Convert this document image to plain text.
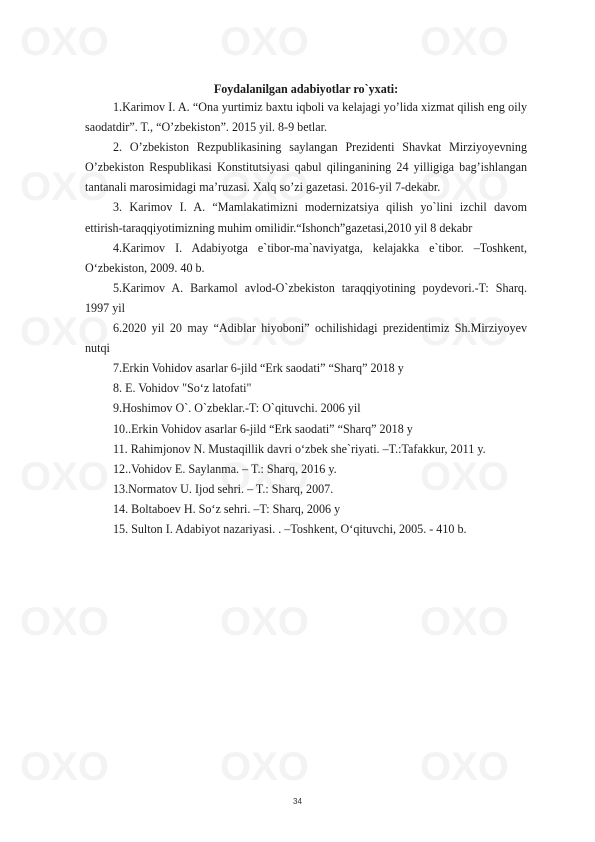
Foydalanilgan adabiyotlar ro`yxati:

1.Karimov I. A. “Ona yurtimiz baxtu iqboli va kelajagi yo’lida xizmat qilish eng oily saodatdir”. T., “O’zbekiston”. 2015 yil. 8-9 betlar.

2. O’zbekiston Rezpublikasining saylangan Prezidenti Shavkat Mirziyoyevning O’zbekiston Respublikasi Konstitutsiyasi qabul qilinganining 24 yilligiga bag’ishlangan tantanali marosimidagi ma’ruzasi. Xalq so’zi gazetasi. 2016-yil 7-dekabr.

3. Karimov I. A. “Mamlakatimizni modernizatsiya qilish yo`lini izchil davom ettirish-taraqqiyotimizning muhim omilidir.“Ishonch”gazetasi,2010 yil 8 dekabr

4.Karimov I. Adabiyotga e`tibor-ma`naviyatga, kelajakka e`tibor. –Toshkent, O‘zbekiston, 2009. 40 b.

5.Karimov A. Barkamol avlod-O`zbekiston taraqqiyotining poydevori.-T: Sharq. 1997 yil

6.2020 yil 20 may “Adiblar hiyoboni” ochilishidagi prezidentimiz Sh.Mirziyoyev nutqi

7.Erkin Vohidov asarlar 6-jild “Erk saodati” “Sharq” 2018 y

8. E. Vohidov "So‘z latofati"

9.Hoshimov O`. O`zbeklar.-T: O`qituvchi. 2006 yil

10..Erkin Vohidov asarlar 6-jild “Erk saodati” “Sharq” 2018 y

11. Rahimjonov N. Mustaqillik davri o‘zbek she`riyati. –T.:Tafakkur, 2011 y.

12..Vohidov E. Saylanma. – T.: Sharq, 2016 y.

13.Normatov U. Ijod sehri. – T.: Sharq, 2007.

14. Boltaboev H. So‘z sehri. –T: Sharq, 2006 y

15. Sulton I. Adabiyot nazariyasi. . –Toshkent, O‘qituvchi, 2005. - 410 b.

34
